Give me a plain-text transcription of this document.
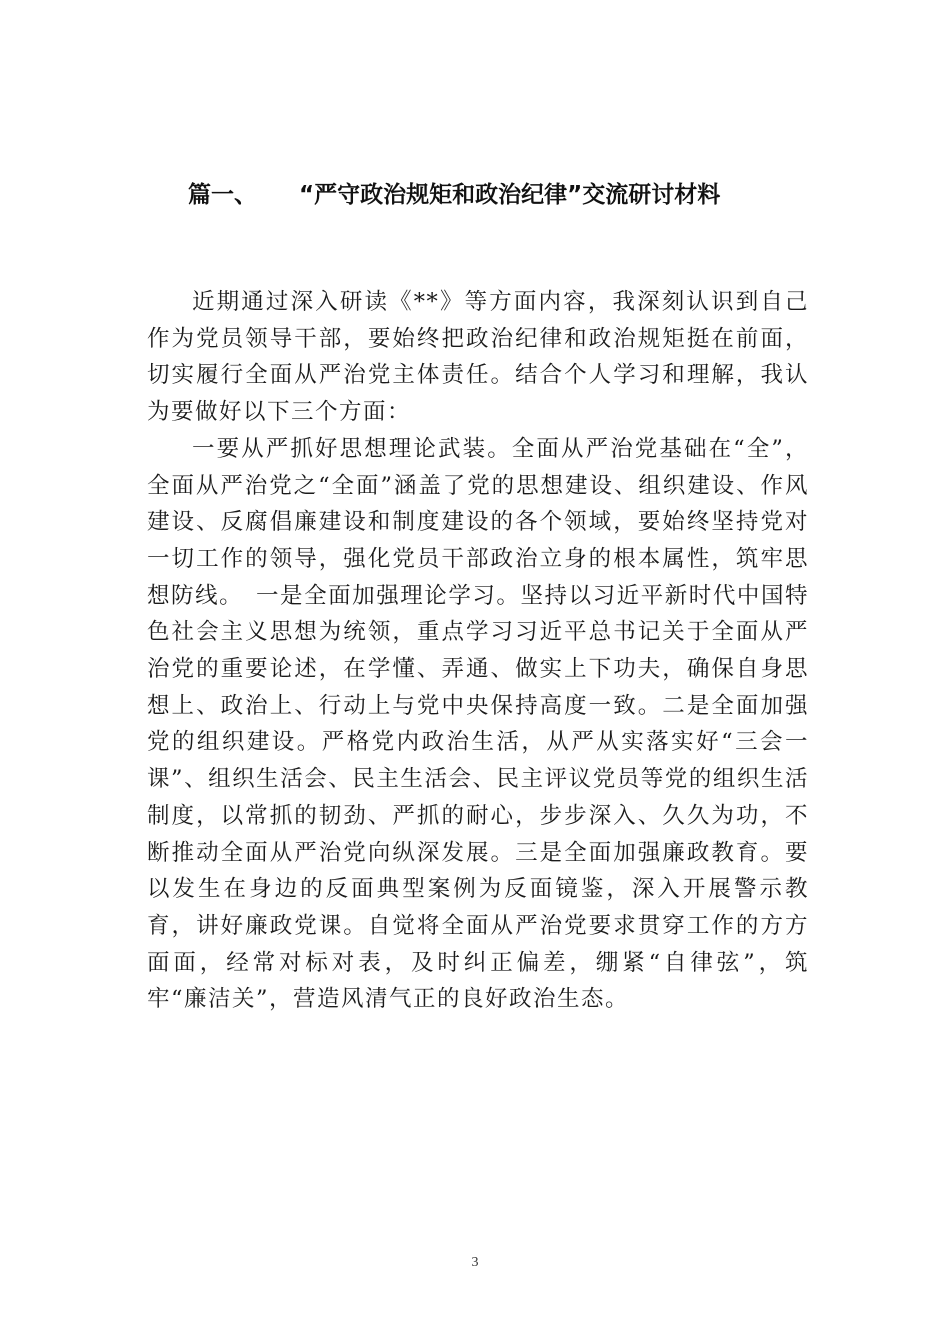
篇一、 “严守政治规矩和政治纪律”交流研讨材料

近期通过深入研读《**》等方面内容，我深刻认识到自己作为党员领导干部，要始终把政治纪律和政治规矩挺在前面，切实履行全面从严治党主体责任。结合个人学习和理解，我认为要做好以下三个方面：

一要从严抓好思想理论武装。全面从严治党基础在“全”，全面从严治党之“全面”涵盖了党的思想建设、组织建设、作风建设、反腐倡廉建设和制度建设的各个领域，要始终坚持党对一切工作的领导，强化党员干部政治立身的根本属性，筑牢思想防线。　一是全面加强理论学习。坚持以习近平新时代中国特色社会主义思想为统领，重点学习习近平总书记关于全面从严治党的重要论述，在学懂、弄通、做实上下功夫，确保自身思想上、政治上、行动上与党中央保持高度一致。二是全面加强党的组织建设。严格党内政治生活，从严从实落实好“三会一课”、组织生活会、民主生活会、民主评议党员等党的组织生活制度，以常抓的韧劲、严抓的耐心，步步深入、久久为功，不断推动全面从严治党向纵深发展。三是全面加强廉政教育。要以发生在身边的反面典型案例为反面镜鉴，深入开展警示教育，讲好廉政党课。自觉将全面从严治党要求贯穿工作的方方面面，经常对标对表，及时纠正偏差，绷紧“自律弦”，筑牢“廉洁关”，营造风清气正的良好政治生态。

3
